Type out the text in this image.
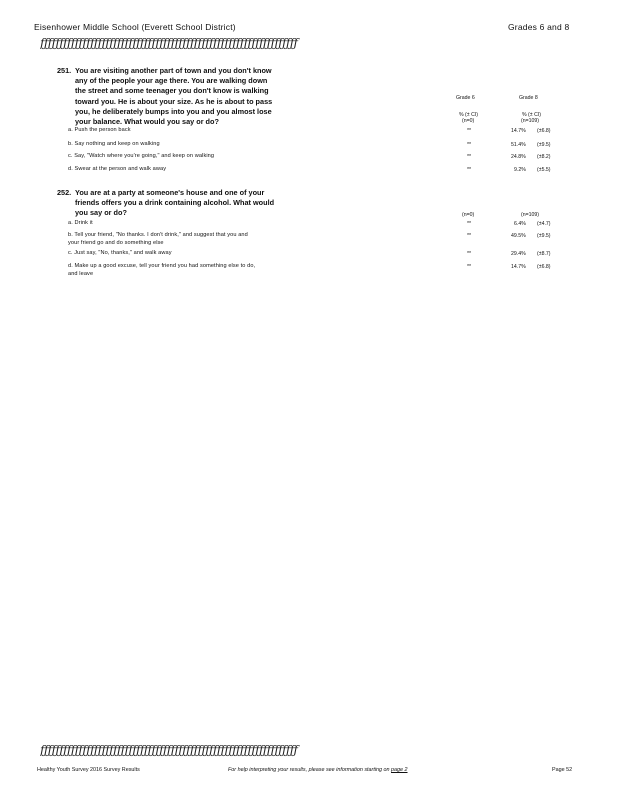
Eisenhower Middle School (Everett School District)	Grades 6 and 8
ƒƒƒƒƒƒƒƒƒƒƒƒƒƒƒƒƒƒƒƒƒƒƒƒƒƒƒƒƒƒƒƒƒƒƒƒƒƒƒƒƒƒƒƒƒƒƒƒƒƒƒƒƒƒƒƒƒƒƒƒƒƒƒƒƒƒƒ
251. You are visiting another part of town and you don't know
any of the people your age there. You are walking down
the street and some teenager you don't know is walking
toward you. He is about your size. As he is about to pass
you, he deliberately bumps into you and you almost lose
your balance. What would you say or do?
Grade 6	Grade 8
% (± CI)	% (± CI)
(n=0)	(n=109)
a. Push the person back	**	14.7% (±6.8)
b. Say nothing and keep on walking	**	51.4% (±9.5)
c. Say, "Watch where you're going," and keep on walking	**	24.8% (±8.2)
d. Swear at the person and walk away	**	9.2% (±5.5)
252. You are at a party at someone's house and one of your
friends offers you a drink containing alcohol. What would
you say or do?	(n=0)	(n=109)
a. Drink it	**	6.4% (±4.7)
b. Tell your friend, "No thanks. I don't drink," and suggest that you and
your friend go and do something else
**	49.5% (±9.5)
c. Just say, "No, thanks," and walk away	**	29.4% (±8.7)
d. Make up a good excuse, tell your friend you had something else to do,
and leave
**	14.7% (±6.8)
ƒƒƒƒƒƒƒƒƒƒƒƒƒƒƒƒƒƒƒƒƒƒƒƒƒƒƒƒƒƒƒƒƒƒƒƒƒƒƒƒƒƒƒƒƒƒƒƒƒƒƒƒƒƒƒƒƒƒƒƒƒƒƒƒƒƒƒ
Healthy Youth Survey 2016 Survey Results	For help interpreting your results, please see information starting on page 2	Page 52
